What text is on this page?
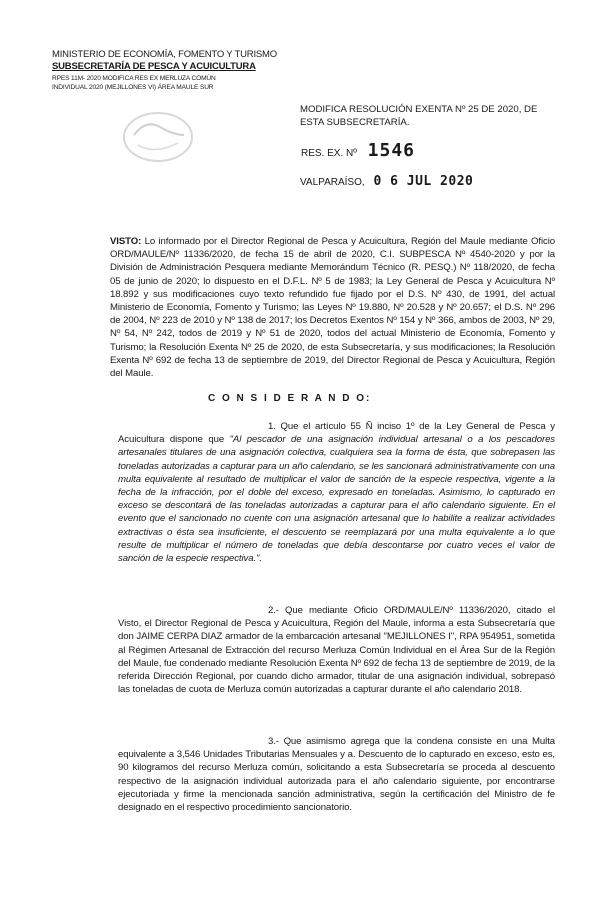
MINISTERIO DE ECONOMÍA, FOMENTO Y TURISMO
SUBSECRETARÍA DE PESCA Y ACUICULTURA
RPES 11M- 2020 MODIFICA RES EX MERLUZA COMÚN
INDIVIDUAL 2020 (MEJILLONES VI) ÁREA MAULE SUR
MODIFICA RESOLUCIÓN EXENTA Nº 25 DE 2020, DE
ESTA SUBSECRETARÍA.
RES. EX. Nº 1546
VALPARAÍSO, 0 6 JUL 2020
VISTO: Lo informado por el Director Regional de Pesca y Acuicultura, Región del Maule mediante Oficio ORD/MAULE/Nº 11336/2020, de fecha 15 de abril de 2020, C.I. SUBPESCA Nº 4540-2020 y por la División de Administración Pesquera mediante Memorándum Técnico (R. PESQ.) Nº 118/2020, de fecha 05 de junio de 2020; lo dispuesto en el D.F.L. Nº 5 de 1983; la Ley General de Pesca y Acuicultura Nº 18.892 y sus modificaciones cuyo texto refundido fue fijado por el D.S. Nº 430, de 1991, del actual Ministerio de Economía, Fomento y Turismo; las Leyes Nº 19.880, Nº 20.528 y Nº 20.657; el D.S. Nº 296 de 2004, Nº 223 de 2010 y Nº 138 de 2017; los Decretos Exentos Nº 154 y Nº 366, ambos de 2003, Nº 29, Nº 54, Nº 242, todos de 2019 y Nº 51 de 2020, todos del actual Ministerio de Economía, Fomento y Turismo; la Resolución Exenta Nº 25 de 2020, de esta Subsecretaría, y sus modificaciones; la Resolución Exenta Nº 692 de fecha 13 de septiembre de 2019, del Director Regional de Pesca y Acuicultura, Región del Maule.
C O N S I D E R A N D O:
1. Que el artículo 55 Ñ inciso 1º de la Ley General de Pesca y Acuicultura dispone que "Al pescador de una asignación individual artesanal o a los pescadores artesanales titulares de una asignación colectiva, cualquiera sea la forma de ésta, que sobrepasen las toneladas autorizadas a capturar para un año calendario, se les sancionará administrativamente con una multa equivalente al resultado de multiplicar el valor de sanción de la especie respectiva, vigente a la fecha de la infracción, por el doble del exceso, expresado en toneladas. Asimismo, lo capturado en exceso se descontará de las toneladas autorizadas a capturar para el año calendario siguiente. En el evento que el sancionado no cuente con una asignación artesanal que lo habilite a realizar actividades extractivas o ésta sea insuficiente, el descuento se reemplazará por una multa equivalente a lo que resulte de multiplicar el número de toneladas que debía descontarse por cuatro veces el valor de sanción de la especie respectiva.".
2.- Que mediante Oficio ORD/MAULE/Nº 11336/2020, citado el Visto, el Director Regional de Pesca y Acuicultura, Región del Maule, informa a esta Subsecretaría que don JAIME CERPA DIAZ armador de la embarcación artesanal "MEJILLONES I", RPA 954951, sometida al Régimen Artesanal de Extracción del recurso Merluza Común Individual en el Área Sur de la Región del Maule, fue condenado mediante Resolución Exenta Nº 692 de fecha 13 de septiembre de 2019, de la referida Dirección Regional, por cuando dicho armador, titular de una asignación individual, sobrepasó las toneladas de cuota de Merluza común autorizadas a capturar durante el año calendario 2018.
3.- Que asimismo agrega que la condena consiste en una Multa equivalente a 3,546 Unidades Tributarias Mensuales y a. Descuento de lo capturado en exceso, esto es, 90 kilogramos del recurso Merluza común, solicitando a esta Subsecretaría se proceda al descuento respectivo de la asignación individual autorizada para el año calendario siguiente, por encontrarse ejecutoriada y firme la mencionada sanción administrativa, según la certificación del Ministro de fe designado en el respectivo procedimiento sancionatorio.
